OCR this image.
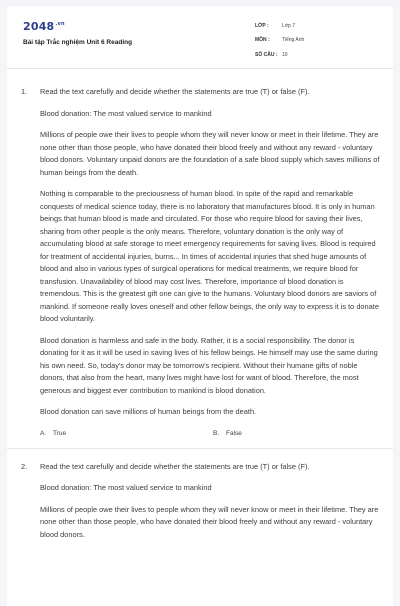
$2048^{.vn}$
Bài tập Trắc nghiệm Unit 6 Reading
LỚP :	Lớp 7
MÔN : Tiếng Anh
SỐ CÂU : 10
1. Read the text carefully and decide whether the statements are true (T) or false (F).

Blood donation: The most valued service to mankind

Millions of people owe their lives to people whom they will never know or meet in their lifetime. They are none other than those people, who have donated their blood freely and without any reward - voluntary blood donors. Voluntary unpaid donors are the foundation of a safe blood supply which saves millions of human beings from the death.

Nothing is comparable to the preciousness of human blood. In spite of the rapid and remarkable conquests of medical science today, there is no laboratory that manufactures blood. It is only in human beings that human blood is made and circulated. For those who require blood for saving their lives, sharing from other people is the only means. Therefore, voluntary donation is the only way of accumulating blood at safe storage to meet emergency requirements for saving lives. Blood is required for treatment of accidental injuries, burns... In times of accidental injuries that shed huge amounts of blood and also in various types of surgical operations for medical treatments, we require blood for transfusion. Unavailability of blood may cost lives. Therefore, importance of blood donation is tremendous. This is the greatest gift one can give to the humans. Voluntary blood donors are saviors of mankind. If someone really loves oneself and other fellow beings, the only way to express it is to donate blood voluntarily.

Blood donation is harmless and safe in the body. Rather, it is a social responsibility. The donor is donating for it as it will be used in saving lives of his fellow beings. He himself may use the same during his own need. So, today's donor may be tomorrow's recipient. Without their humane gifts of noble donors, that also from the heart, many lives might have lost for want of blood. Therefore, the most generous and biggest ever contribution to mankind is blood donation.

Blood donation can save millions of human beings from the death.

A. True	B. False
2. Read the text carefully and decide whether the statements are true (T) or false (F).

Blood donation: The most valued service to mankind

Millions of people owe their lives to people whom they will never know or meet in their lifetime. They are none other than those people, who have donated their blood freely and without any reward - voluntary blood donors.
